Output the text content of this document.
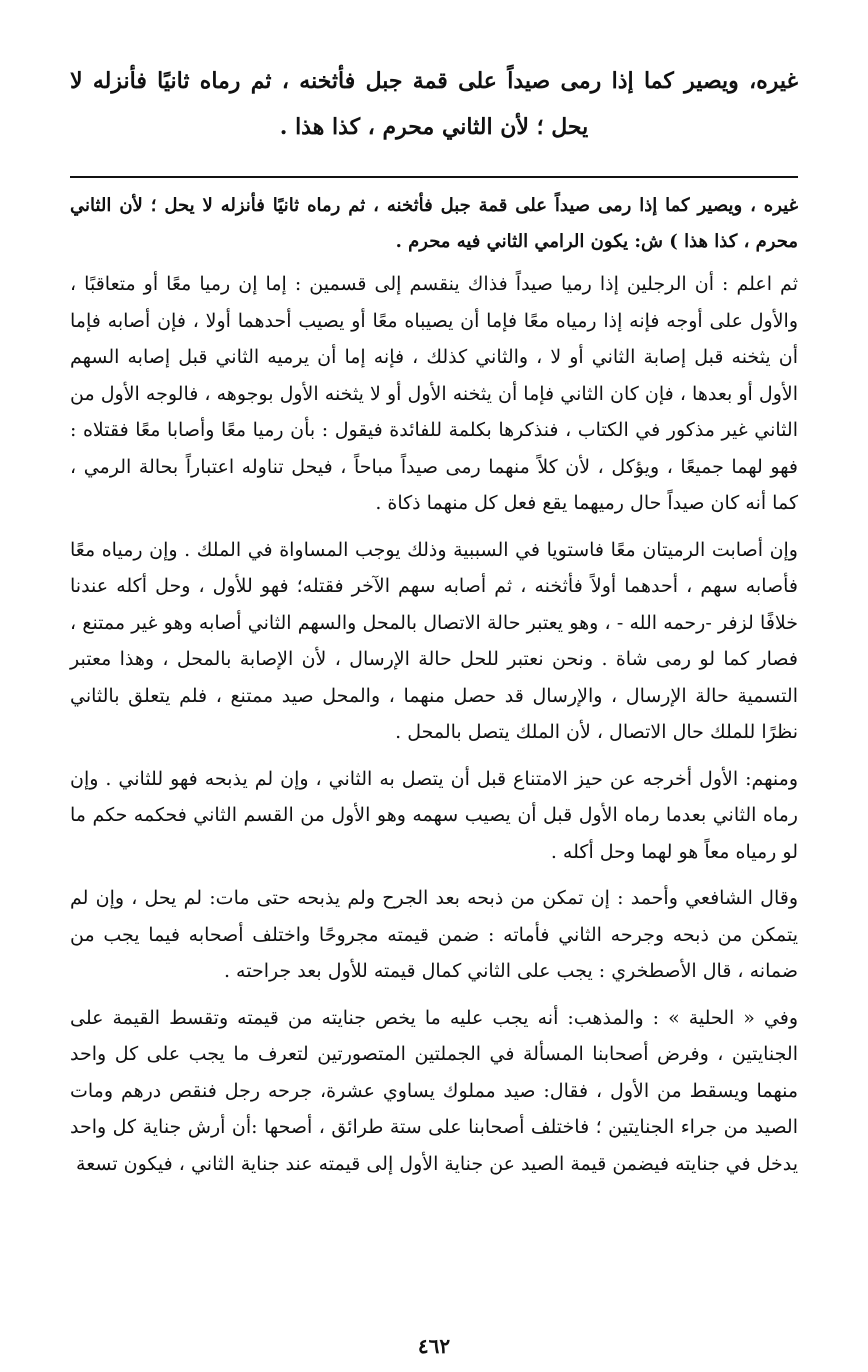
غيره، ويصير كما إذا رمى صيداً على قمة جبل فأثخنه ، ثم رماه ثانيًا فأنزله لا يحل ؛ لأن الثاني محرم ، كذا هذا .

غيره ، ويصير كما إذا رمى صيداً على قمة جبل فأثخنه ، ثم رماه ثانيًا فأنزله لا يحل ؛ لأن الثاني محرم ، كذا هذا ) ش: يكون الرامي الثاني فيه محرم .

ثم اعلم : أن الرجلين إذا رميا صيداً فذاك ينقسم إلى قسمين : إما إن رميا معًا أو متعاقبًا ، والأول على أوجه فإنه إذا رمياه معًا فإما أن يصيباه معًا أو يصيب أحدهما أولا ، فإن أصابه فإما أن يثخنه قبل إصابة الثاني أو لا ، والثاني كذلك ، فإنه إما أن يرميه الثاني قبل إصابه السهم الأول أو بعدها ، فإن كان الثاني فإما أن يثخنه الأول أو لا يثخنه الأول بوجوهه ، فالوجه الأول من الثاني غير مذكور في الكتاب ، فنذكرها بكلمة للفائدة فيقول : بأن رميا معًا وأصابا معًا فقتلاه : فهو لهما جميعًا ، ويؤكل ، لأن كلاً منهما رمى صيداً مباحاً ، فيحل تناوله اعتباراً بحالة الرمي ، كما أنه كان صيداً حال رميهما يقع فعل كل منهما ذكاة .

وإن أصابت الرميتان معًا فاستويا في السببية وذلك يوجب المساواة في الملك . وإن رمياه معًا فأصابه سهم ، أحدهما أولاً فأثخنه ، ثم أصابه سهم الآخر فقتله؛ فهو للأول ، وحل أكله عندنا خلافًا لزفر -رحمه الله - ، وهو يعتبر حالة الاتصال بالمحل والسهم الثاني أصابه وهو غير ممتنع ، فصار كما لو رمى شاة . ونحن نعتبر للحل حالة الإرسال ، لأن الإصابة بالمحل ، وهذا معتبر التسمية حالة الإرسال ، والإرسال قد حصل منهما ، والمحل صيد ممتنع ، فلم يتعلق بالثاني نظرًا للملك حال الاتصال ، لأن الملك يتصل بالمحل .

ومنهم: الأول أخرجه عن حيز الامتناع قبل أن يتصل به الثاني ، وإن لم يذبحه فهو للثاني . وإن رماه الثاني بعدما رماه الأول قبل أن يصيب سهمه وهو الأول من القسم الثاني فحكمه حكم ما لو رمياه معاً هو لهما وحل أكله .

وقال الشافعي وأحمد : إن تمكن من ذبحه بعد الجرح ولم يذبحه حتى مات: لم يحل ، وإن لم يتمكن من ذبحه وجرحه الثاني فأماته : ضمن قيمته مجروحًا واختلف أصحابه فيما يجب من ضمانه ، قال الأصطخري : يجب على الثاني كمال قيمته للأول بعد جراحته .

وفي « الحلية » : والمذهب: أنه يجب عليه ما يخص جنايته من قيمته وتقسط القيمة على الجنايتين ، وفرض أصحابنا المسألة في الجملتين المتصورتين لتعرف ما يجب على كل واحد منهما ويسقط من الأول ، فقال: صيد مملوك يساوي عشرة، جرحه رجل فنقص درهم ومات الصيد من جراء الجنايتين ؛ فاختلف أصحابنا على ستة طرائق ، أصحها :أن أرش جناية كل واحد يدخل في جنايته فيضمن قيمة الصيد عن جناية الأول إلى قيمته عند جناية الثاني ، فيكون تسعة

٤٦٢
